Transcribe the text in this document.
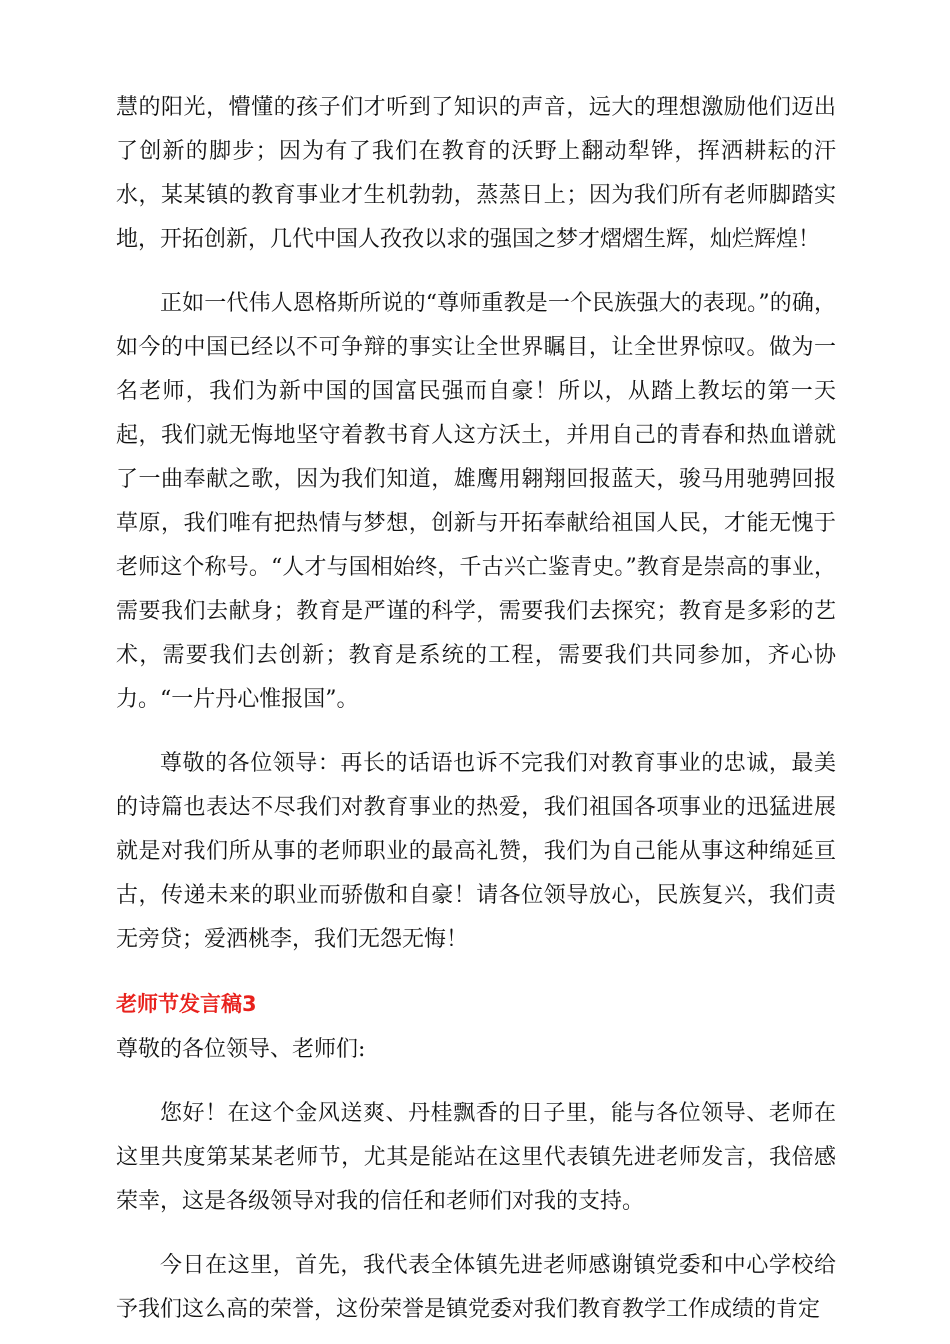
慧的阳光，懵懂的孩子们才听到了知识的声音，远大的理想激励他们迈出了创新的脚步；因为有了我们在教育的沃野上翻动犁铧，挥洒耕耘的汗水，某某镇的教育事业才生机勃勃，蒸蒸日上；因为我们所有老师脚踏实地，开拓创新，几代中国人孜孜以求的强国之梦才熠熠生辉，灿烂辉煌！

正如一代伟人恩格斯所说的“尊师重教是一个民族强大的表现。”的确，如今的中国已经以不可争辩的事实让全世界瞩目，让全世界惊叹。做为一名老师，我们为新中国的国富民强而自豪！所以，从踏上教坛的第一天起，我们就无悔地坚守着教书育人这方沃土，并用自己的青春和热血谱就了一曲奉献之歌，因为我们知道，雄鹰用翱翔回报蓝天，骏马用驰骋回报草原，我们唯有把热情与梦想，创新与开拓奉献给祖国人民，才能无愧于老师这个称号。“人才与国相始终，千古兴亡鉴青史。”教育是崇高的事业，需要我们去献身；教育是严谨的科学，需要我们去探究；教育是多彩的艺术，需要我们去创新；教育是系统的工程，需要我们共同参加，齐心协力。“一片丹心惟报国”。

尊敬的各位领导：再长的话语也诉不完我们对教育事业的忠诚，最美的诗篇也表达不尽我们对教育事业的热爱，我们祖国各项事业的迅猛进展就是对我们所从事的老师职业的最高礼赞，我们为自己能从事这种绵延亘古，传递未来的职业而骄傲和自豪！请各位领导放心，民族复兴，我们责无旁贷；爱洒桃李，我们无怨无悔！

老师节发言稿3

尊敬的各位领导、老师们:

您好！在这个金风送爽、丹桂飘香的日子里，能与各位领导、老师在这里共度第某某老师节，尤其是能站在这里代表镇先进老师发言，我倍感荣幸，这是各级领导对我的信任和老师们对我的支持。

今日在这里，首先，我代表全体镇先进老师感谢镇党委和中心学校给予我们这么高的荣誉，这份荣誉是镇党委对我们教育教学工作成绩的肯定
